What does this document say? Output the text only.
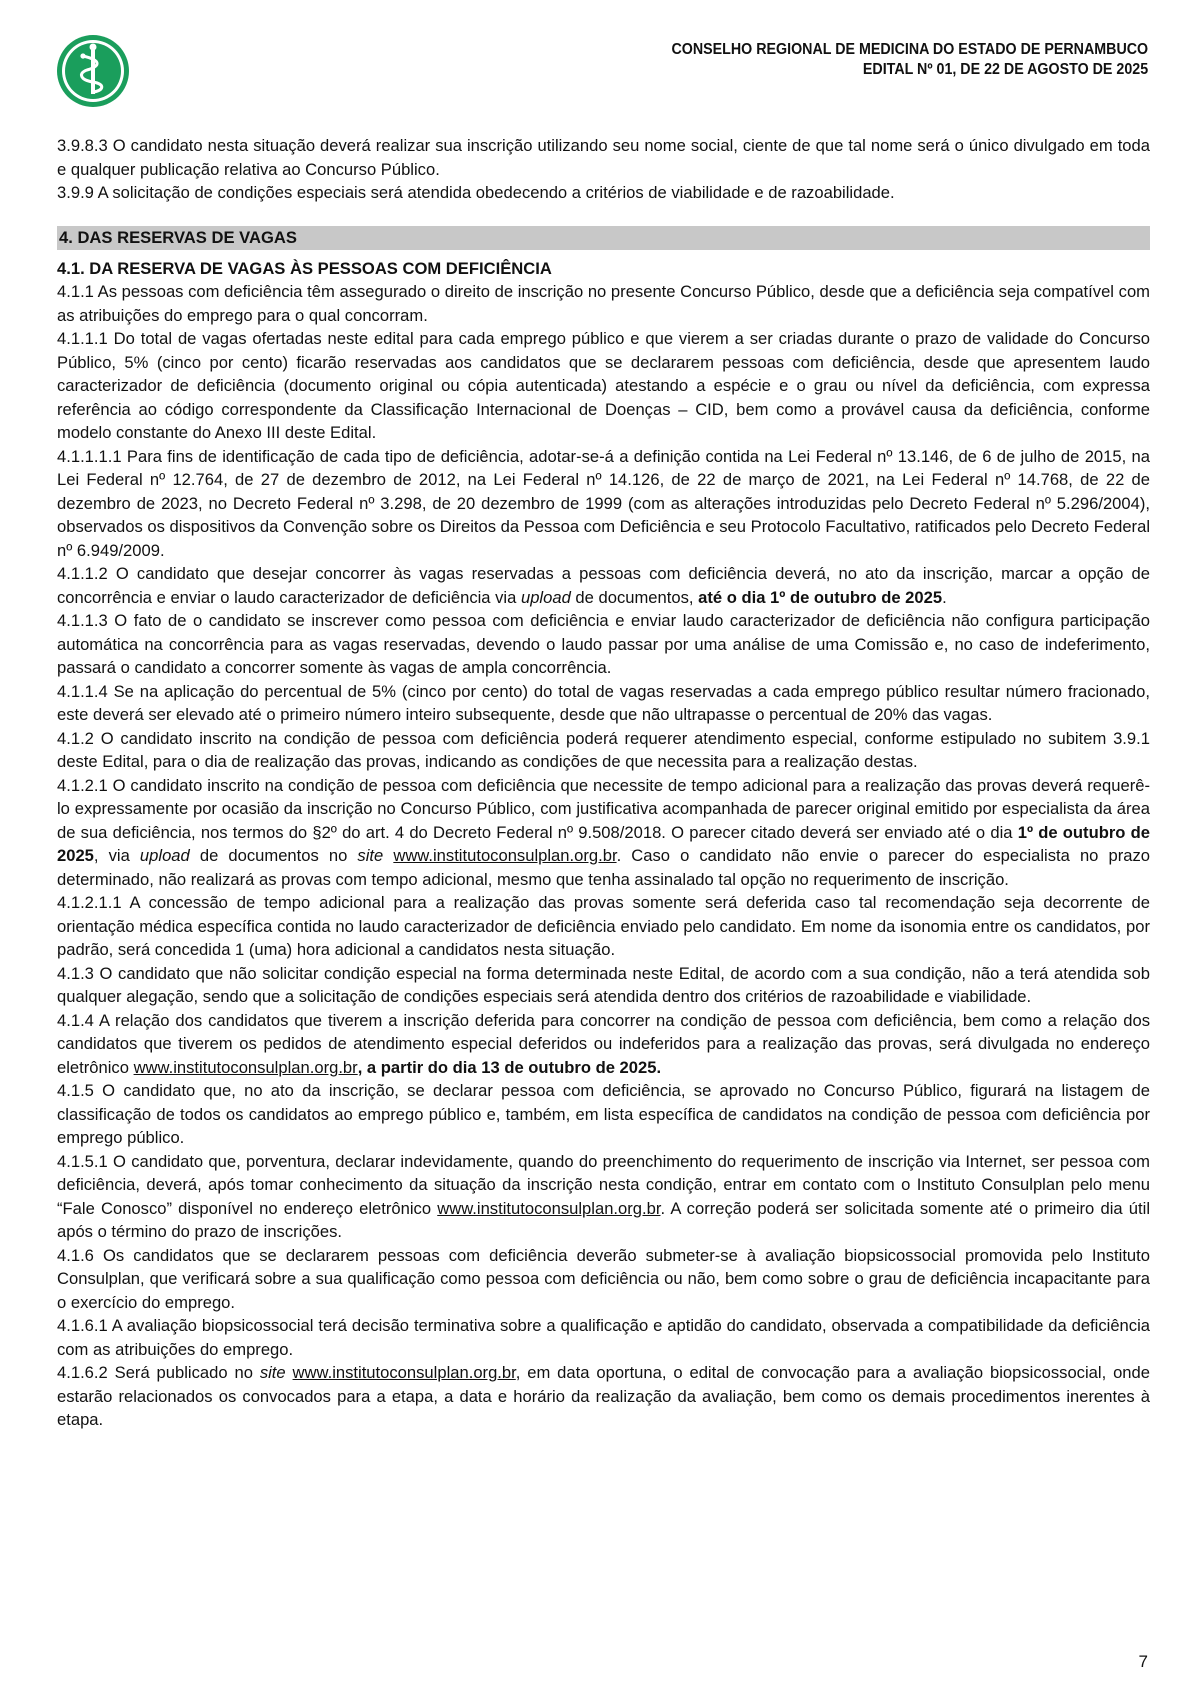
CONSELHO REGIONAL DE MEDICINA DO ESTADO DE PERNAMBUCO
EDITAL Nº 01, DE 22 DE AGOSTO DE 2025

3.9.8.3 O candidato nesta situação deverá realizar sua inscrição utilizando seu nome social, ciente de que tal nome será o único divulgado em toda e qualquer publicação relativa ao Concurso Público.

3.9.9 A solicitação de condições especiais será atendida obedecendo a critérios de viabilidade e de razoabilidade.

4. DAS RESERVAS DE VAGAS

4.1. DA RESERVA DE VAGAS ÀS PESSOAS COM DEFICIÊNCIA

4.1.1 As pessoas com deficiência têm assegurado o direito de inscrição no presente Concurso Público, desde que a deficiência seja compatível com as atribuições do emprego para o qual concorram.

4.1.1.1 Do total de vagas ofertadas neste edital para cada emprego público e que vierem a ser criadas durante o prazo de validade do Concurso Público, 5% (cinco por cento) ficarão reservadas aos candidatos que se declararem pessoas com deficiência, desde que apresentem laudo caracterizador de deficiência (documento original ou cópia autenticada) atestando a espécie e o grau ou nível da deficiência, com expressa referência ao código correspondente da Classificação Internacional de Doenças – CID, bem como a provável causa da deficiência, conforme modelo constante do Anexo III deste Edital.

4.1.1.1.1 Para fins de identificação de cada tipo de deficiência, adotar-se-á a definição contida na Lei Federal nº 13.146, de 6 de julho de 2015, na Lei Federal nº 12.764, de 27 de dezembro de 2012, na Lei Federal nº 14.126, de 22 de março de 2021, na Lei Federal nº 14.768, de 22 de dezembro de 2023, no Decreto Federal nº 3.298, de 20 dezembro de 1999 (com as alterações introduzidas pelo Decreto Federal nº 5.296/2004), observados os dispositivos da Convenção sobre os Direitos da Pessoa com Deficiência e seu Protocolo Facultativo, ratificados pelo Decreto Federal nº 6.949/2009.

4.1.1.2 O candidato que desejar concorrer às vagas reservadas a pessoas com deficiência deverá, no ato da inscrição, marcar a opção de concorrência e enviar o laudo caracterizador de deficiência via upload de documentos, até o dia 1º de outubro de 2025.

4.1.1.3 O fato de o candidato se inscrever como pessoa com deficiência e enviar laudo caracterizador de deficiência não configura participação automática na concorrência para as vagas reservadas, devendo o laudo passar por uma análise de uma Comissão e, no caso de indeferimento, passará o candidato a concorrer somente às vagas de ampla concorrência.

4.1.1.4 Se na aplicação do percentual de 5% (cinco por cento) do total de vagas reservadas a cada emprego público resultar número fracionado, este deverá ser elevado até o primeiro número inteiro subsequente, desde que não ultrapasse o percentual de 20% das vagas.

4.1.2 O candidato inscrito na condição de pessoa com deficiência poderá requerer atendimento especial, conforme estipulado no subitem 3.9.1 deste Edital, para o dia de realização das provas, indicando as condições de que necessita para a realização destas.

4.1.2.1 O candidato inscrito na condição de pessoa com deficiência que necessite de tempo adicional para a realização das provas deverá requerê-lo expressamente por ocasião da inscrição no Concurso Público, com justificativa acompanhada de parecer original emitido por especialista da área de sua deficiência, nos termos do §2º do art. 4 do Decreto Federal nº 9.508/2018. O parecer citado deverá ser enviado até o dia 1º de outubro de 2025, via upload de documentos no site www.institutoconsulplan.org.br. Caso o candidato não envie o parecer do especialista no prazo determinado, não realizará as provas com tempo adicional, mesmo que tenha assinalado tal opção no requerimento de inscrição.

4.1.2.1.1 A concessão de tempo adicional para a realização das provas somente será deferida caso tal recomendação seja decorrente de orientação médica específica contida no laudo caracterizador de deficiência enviado pelo candidato. Em nome da isonomia entre os candidatos, por padrão, será concedida 1 (uma) hora adicional a candidatos nesta situação.

4.1.3 O candidato que não solicitar condição especial na forma determinada neste Edital, de acordo com a sua condição, não a terá atendida sob qualquer alegação, sendo que a solicitação de condições especiais será atendida dentro dos critérios de razoabilidade e viabilidade.

4.1.4 A relação dos candidatos que tiverem a inscrição deferida para concorrer na condição de pessoa com deficiência, bem como a relação dos candidatos que tiverem os pedidos de atendimento especial deferidos ou indeferidos para a realização das provas, será divulgada no endereço eletrônico www.institutoconsulplan.org.br, a partir do dia 13 de outubro de 2025.

4.1.5 O candidato que, no ato da inscrição, se declarar pessoa com deficiência, se aprovado no Concurso Público, figurará na listagem de classificação de todos os candidatos ao emprego público e, também, em lista específica de candidatos na condição de pessoa com deficiência por emprego público.

4.1.5.1 O candidato que, porventura, declarar indevidamente, quando do preenchimento do requerimento de inscrição via Internet, ser pessoa com deficiência, deverá, após tomar conhecimento da situação da inscrição nesta condição, entrar em contato com o Instituto Consulplan pelo menu “Fale Conosco” disponível no endereço eletrônico www.institutoconsulplan.org.br. A correção poderá ser solicitada somente até o primeiro dia útil após o término do prazo de inscrições.

4.1.6 Os candidatos que se declararem pessoas com deficiência deverão submeter-se à avaliação biopsicossocial promovida pelo Instituto Consulplan, que verificará sobre a sua qualificação como pessoa com deficiência ou não, bem como sobre o grau de deficiência incapacitante para o exercício do emprego.

4.1.6.1 A avaliação biopsicossocial terá decisão terminativa sobre a qualificação e aptidão do candidato, observada a compatibilidade da deficiência com as atribuições do emprego.

4.1.6.2 Será publicado no site www.institutoconsulplan.org.br, em data oportuna, o edital de convocação para a avaliação biopsicossocial, onde estarão relacionados os convocados para a etapa, a data e horário da realização da avaliação, bem como os demais procedimentos inerentes à etapa.

7
